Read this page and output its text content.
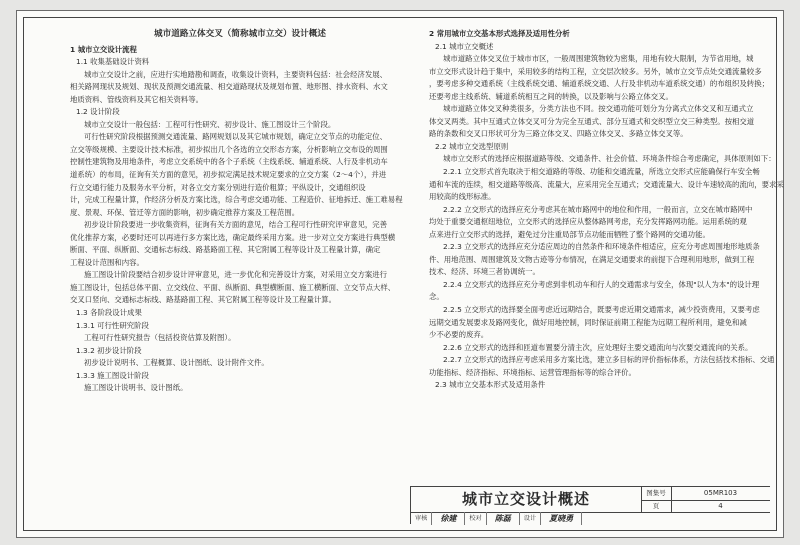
城市道路立体交叉（简称城市立交）设计概述
1 城市立交设计流程
1.1 收集基础设计资料
城市立交设计之前，应进行实地踏勘和调查，收集设计资料，主要资料包括：社会经济发展、
相关路网现状及规划、现状及预测交通流量、相交道路现状及规划布置、地形图、排水资料、水文
地质资料、管线资料及其它相关资料等。
1.2 设计阶段
城市立交设计一般包括：工程可行性研究、初步设计、施工图设计三个阶段。
可行性研究阶段根据预测交通流量、路网规划以及其它城市规划，确定立交节点的功能定位、
立交等级规模、主要设计技术标准，初步拟出几个各选的立交形态方案，分析影响立交布设的周围
控制性建筑物及用地条件，考虑立交系统中的各个子系统（主线系统、辅道系统、人行及非机动车
道系统）的布局，征询有关方面的意见，初步拟定满足技术规定要求的立交方案（2～4个），并进
行立交通行能力及服务水平分析，对各立交方案分别进行造价粗算；平纵设计，交通组织设
计，完成工程量计算，作经济分析及方案比选，综合考虑交通功能、工程造价、征地拆迁、施工难易程
度、景观、环保、管迁等方面的影响，初步确定推荐方案及工程范围。
初步设计阶段要进一步收集资料，征询有关方面的意见，结合工程可行性研究评审意见，完善
优化推荐方案，必要时还可以再进行多方案比选，确定最终采用方案。进一步对立交方案进行典型横
断面、平面、纵断面、交通标志标线、路基路面工程、其它附属工程等设计及工程量计算，确定
工程设计范围和内容。
施工图设计阶段要结合初步设计评审意见，进一步优化和完善设计方案，对采用立交方案进行
施工图设计，包括总体平面、立交线位、平面、纵断面、典型横断面、施工横断面、立交节点大样、
交叉口竖向、交通标志标线、路基路面工程、其它附属工程等设计及工程量计算。
1.3 各阶段设计成果
1.3.1 可行性研究阶段
工程可行性研究报告（包括投资估算及附图）。
1.3.2 初步设计阶段
初步设计说明书、工程概算、设计图纸、设计附件文件。
1.3.3 施工图设计阶段
施工图设计说明书、设计图纸。
2 常用城市立交基本形式选择及适用性分析
2.1 城市立交概述
城市道路立体交叉位于城市市区，一般周围建筑物较为密集，用地有较大限制，为节省用地，城
市立交形式设计趋于集中，采用较多的结构工程，立交层次较多。另外，城市立交节点处交通流量较多
，要考虑多种交通系统（主线系统交通、辅道系统交通、人行及非机动车道系统交通）的布组织及转换；
还要考虑主线系统、辅道系统相互之间的转换，以及影响与公路立体交叉。
城市道路立体交叉种类很多，分类方法也不同。按交通功能可划分为分离式立体交叉和互通式立
体交叉两类。其中互通式立体交叉可分为完全互通式、部分互通式和交织型立交三种类型。按相交道
路的条数和交叉口形状可分为三路立体交叉、四路立体交叉、多路立体交叉等。
2.2 城市立交选型原则
城市立交形式的选择应根据道路等级、交通条件、社会价值、环境条件综合考虑确定，具体原则如下：
2.2.1 立交形式首先取决于相交道路的等级、功能和交通流量，所选立交形式应能确保行车安全畅
通和车流的连续，相交道路等级高、流量大，应采用完全互通式；交通流量大、设计车速较高的流向，要求采
用较高的线形标准。
2.2.2 立交形式的选择应充分考虑其在城市路网中的地位和作用，一般而言，立交在城市路网中
均处于重要交通枢纽地位，立交形式的选择应从整体路网考虑，充分发挥路网功能。运用系统的观
点来进行立交形式的选择，避免过分注重局部节点功能而牺牲了整个路网的交通功能。
2.2.3 立交形式的选择应充分适应周边的自然条件和环境条件相适应，应充分考虑周围地形地质条
件、用地范围、周围建筑及文物古迹等分布情况，在满足交通要求的前提下合理利用地形，做到工程
技术、经济、环境三者协调统一。
2.2.4 立交形式的选择应充分考虑到非机动车和行人的交通需求与安全，体现"以人为本"的设计理
念。
2.2.5 立交形式的选择要全面考虑近远期结合，既要考虑近期交通需求，减少投资费用，又要考虑
远期交通发展要求及路网变化，做好用地控制，同时保证前期工程能为远期工程所利用，避免和减
少不必要的废弃。
2.2.6 立交形式的选择和匝道布置要分清主次，应处理好主要交通流向与次要交通流向的关系。
2.2.7 立交形式的选择应考虑采用多方案比选，建立多目标的评价指标体系，方法包括技术指标、交通
功能指标、经济指标、环境指标、运营管理指标等的综合评价。
2.3 城市立交基本形式及适用条件
城市立交设计概述	图集号	05MR103
页	4
审核	徐建	校对	陈磊	设计	夏晓勇
